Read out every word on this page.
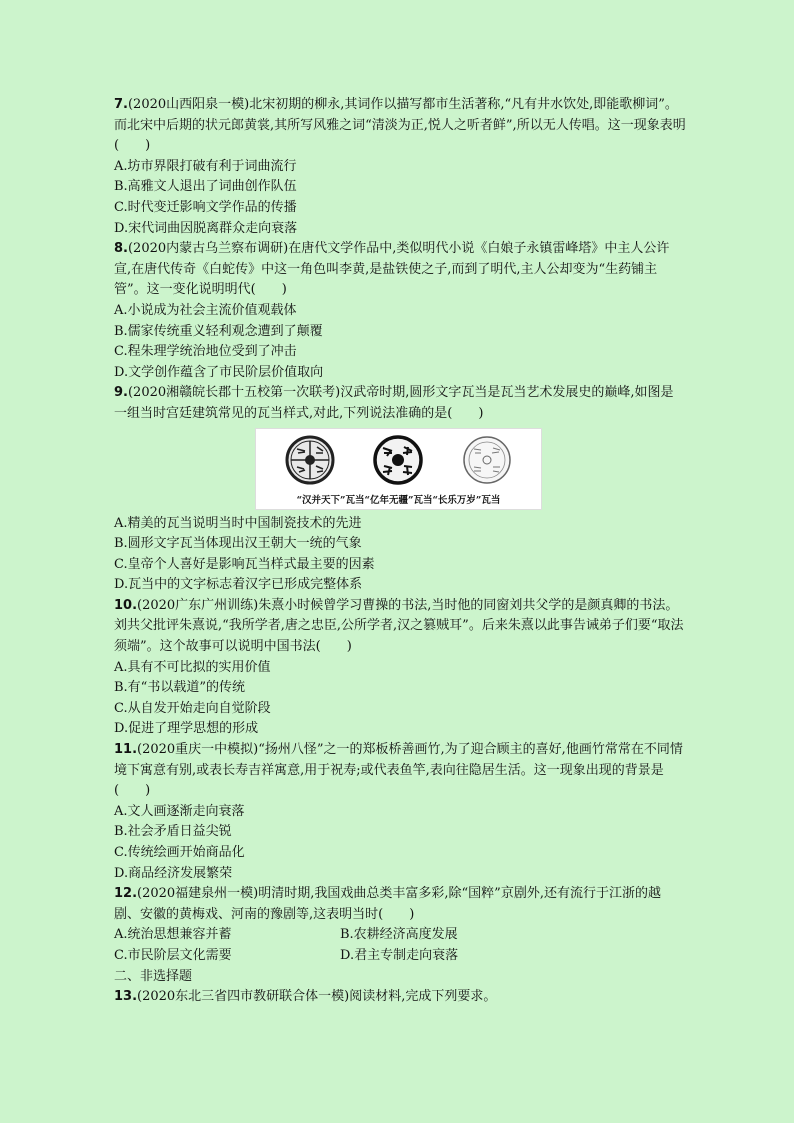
7.(2020山西阳泉一模)北宋初期的柳永,其词作以描写都市生活著称,“凡有井水饮处,即能歌柳词”。而北宋中后期的状元郎黄裳,其所写风雅之词“清淡为正,悦人之听者鲜”,所以无人传唱。这一现象表明(　　)
A.坊市界限打破有利于词曲流行
B.高雅文人退出了词曲创作队伍
C.时代变迁影响文学作品的传播
D.宋代词曲因脱离群众走向衰落
8.(2020内蒙古乌兰察布调研)在唐代文学作品中,类似明代小说《白娘子永镇雷峰塔》中主人公许宣,在唐代传奇《白蛇传》中这一角色叫李黄,是盐铁使之子,而到了明代,主人公却变为“生药铺主管”。这一变化说明明代(　　)
A.小说成为社会主流价值观载体
B.儒家传统重义轻利观念遭到了颠覆
C.程朱理学统治地位受到了冲击
D.文学创作蕴含了市民阶层价值取向
9.(2020湘赣皖长郡十五校第一次联考)汉武帝时期,圆形文字瓦当是瓦当艺术发展史的巅峰,如图是一组当时宫廷建筑常见的瓦当样式,对此,下列说法准确的是(　　)
“汉并天下”瓦当“亿年无疆”瓦当“长乐万岁”瓦当
A.精美的瓦当说明当时中国制瓷技术的先进
B.圆形文字瓦当体现出汉王朝大一统的气象
C.皇帝个人喜好是影响瓦当样式最主要的因素
D.瓦当中的文字标志着汉字已形成完整体系
10.(2020广东广州训练)朱熹小时候曾学习曹操的书法,当时他的同窗刘共父学的是颜真卿的书法。刘共父批评朱熹说,“我所学者,唐之忠臣,公所学者,汉之篡贼耳”。后来朱熹以此事告诫弟子们要“取法须端”。这个故事可以说明中国书法(　　)
A.具有不可比拟的实用价值
B.有“书以载道”的传统
C.从自发开始走向自觉阶段
D.促进了理学思想的形成
11.(2020重庆一中模拟)“扬州八怪”之一的郑板桥善画竹,为了迎合顾主的喜好,他画竹常常在不同情境下寓意有别,或表长寿吉祥寓意,用于祝寿;或代表鱼竿,表向往隐居生活。这一现象出现的背景是(　　)
A.文人画逐渐走向衰落
B.社会矛盾日益尖锐
C.传统绘画开始商品化
D.商品经济发展繁荣
12.(2020福建泉州一模)明清时期,我国戏曲总类丰富多彩,除“国粹”京剧外,还有流行于江浙的越剧、安徽的黄梅戏、河南的豫剧等,这表明当时(　　)
A.统治思想兼容并蓄	B.农耕经济高度发展
C.市民阶层文化需要	D.君主专制走向衰落
二、非选择题
13.(2020东北三省四市教研联合体一模)阅读材料,完成下列要求。
